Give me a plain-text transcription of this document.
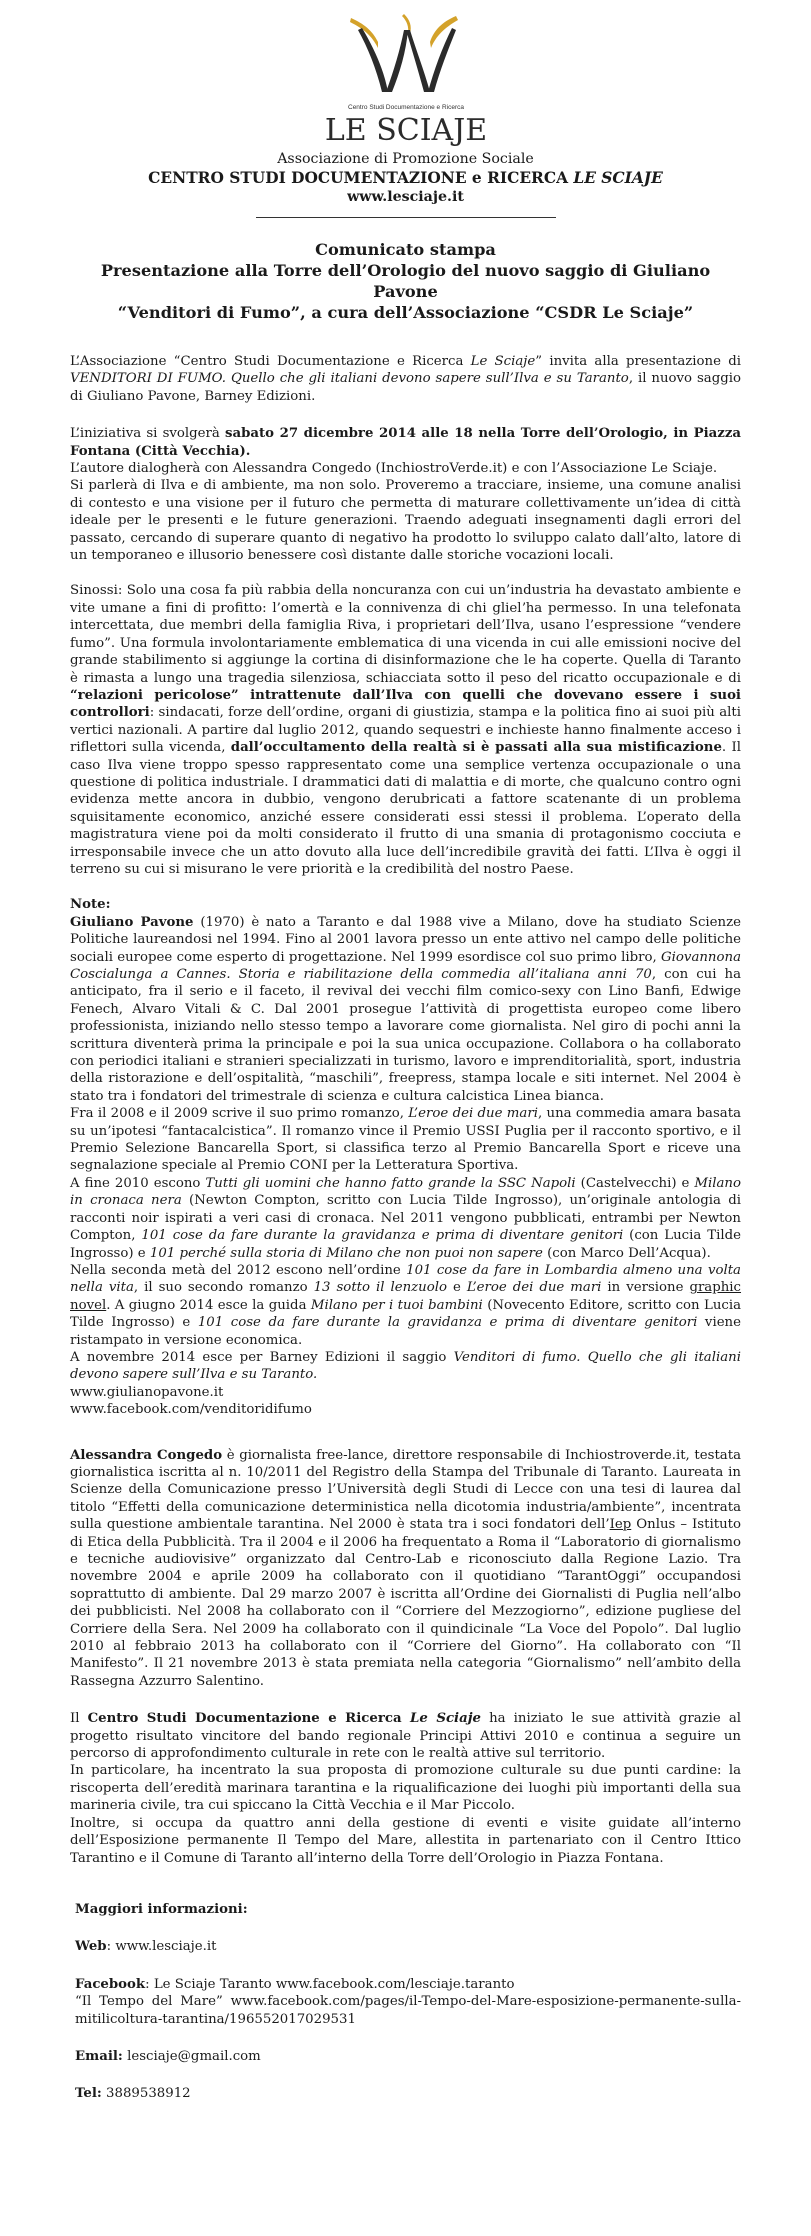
Centro Studi Documentazione e Ricerca
LE SCIAJE
Associazione di Promozione Sociale
CENTRO STUDI DOCUMENTAZIONE e RICERCA LE SCIAJE
www.lesciaje.it
Comunicato stampa
Presentazione alla Torre dell’Orologio del nuovo saggio di Giuliano Pavone
“Venditori di Fumo”, a cura dell’Associazione “CSDR Le Sciaje”

L’Associazione “Centro Studi Documentazione e Ricerca Le Sciaje” invita alla presentazione di VENDITORI DI FUMO. Quello che gli italiani devono sapere sull’Ilva e su Taranto, il nuovo saggio di Giuliano Pavone, Barney Edizioni.

L’iniziativa si svolgerà sabato 27 dicembre 2014 alle 18 nella Torre dell’Orologio, in Piazza Fontana (Città Vecchia).

L’autore dialogherà con Alessandra Congedo (InchiostroVerde.it) e con l’Associazione Le Sciaje.

Si parlerà di Ilva e di ambiente, ma non solo. Proveremo a tracciare, insieme, una comune analisi di contesto e una visione per il futuro che permetta di maturare collettivamente un’idea di città ideale per le presenti e le future generazioni. Traendo adeguati insegnamenti dagli errori del passato, cercando di superare quanto di negativo ha prodotto lo sviluppo calato dall’alto, latore di un temporaneo e illusorio benessere così distante dalle storiche vocazioni locali.

Sinossi: Solo una cosa fa più rabbia della noncuranza con cui un’industria ha devastato ambiente e vite umane a fini di profitto: l’omertà e la connivenza di chi glielʼha permesso. In una telefonata intercettata, due membri della famiglia Riva, i proprietari dell’Ilva, usano l’espressione “vendere fumo”. Una formula involontariamente emblematica di una vicenda in cui alle emissioni nocive del grande stabilimento si aggiunge la cortina di disinformazione che le ha coperte. Quella di Taranto è rimasta a lungo una tragedia silenziosa, schiacciata sotto il peso del ricatto occupazionale e di “relazioni pericolose” intrattenute dall’Ilva con quelli che dovevano essere i suoi controllori: sindacati, forze dell’ordine, organi di giustizia, stampa e la politica fino ai suoi più alti vertici nazionali. A partire dal luglio 2012, quando sequestri e inchieste hanno finalmente acceso i riflettori sulla vicenda, dall’occultamento della realtà si è passati alla sua mistificazione. Il caso Ilva viene troppo spesso rappresentato come una semplice vertenza occupazionale o una questione di politica industriale. I drammatici dati di malattia e di morte, che qualcuno contro ogni evidenza mette ancora in dubbio, vengono derubricati a fattore scatenante di un problema squisitamente economico, anziché essere considerati essi stessi il problema. L’operato della magistratura viene poi da molti considerato il frutto di una smania di protagonismo cocciuta e irresponsabile invece che un atto dovuto alla luce dell’incredibile gravità dei fatti. L’Ilva è oggi il terreno su cui si misurano le vere priorità e la credibilità del nostro Paese.

Note:

Giuliano Pavone (1970) è nato a Taranto e dal 1988 vive a Milano, dove ha studiato Scienze Politiche laureandosi nel 1994. Fino al 2001 lavora presso un ente attivo nel campo delle politiche sociali europee come esperto di progettazione. Nel 1999 esordisce col suo primo libro, Giovannona Coscialunga a Cannes. Storia e riabilitazione della commedia all’italiana anni 70, con cui ha anticipato, fra il serio e il faceto, il revival dei vecchi film comico-sexy con Lino Banfi, Edwige Fenech, Alvaro Vitali & C. Dal 2001 prosegue l’attività di progettista europeo come libero professionista, iniziando nello stesso tempo a lavorare come giornalista. Nel giro di pochi anni la scrittura diventerà prima la principale e poi la sua unica occupazione. Collabora o ha collaborato con periodici italiani e stranieri specializzati in turismo, lavoro e imprenditorialità, sport, industria della ristorazione e dell’ospitalità, “maschili”, freepress, stampa locale e siti internet. Nel 2004 è stato tra i fondatori del trimestrale di scienza e cultura calcistica Linea bianca.

Fra il 2008 e il 2009 scrive il suo primo romanzo, L’eroe dei due mari, una commedia amara basata su un’ipotesi “fantacalcistica”. Il romanzo vince il Premio USSI Puglia per il racconto sportivo, e il Premio Selezione Bancarella Sport, si classifica terzo al Premio Bancarella Sport e riceve una segnalazione speciale al Premio CONI per la Letteratura Sportiva.

A fine 2010 escono Tutti gli uomini che hanno fatto grande la SSC Napoli (Castelvecchi) e Milano in cronaca nera (Newton Compton, scritto con Lucia Tilde Ingrosso), un’originale antologia di racconti noir ispirati a veri casi di cronaca. Nel 2011 vengono pubblicati, entrambi per Newton Compton, 101 cose da fare durante la gravidanza e prima di diventare genitori (con Lucia Tilde Ingrosso) e 101 perché sulla storia di Milano che non puoi non sapere (con Marco Dell’Acqua).

Nella seconda metà del 2012 escono nell’ordine 101 cose da fare in Lombardia almeno una volta nella vita, il suo secondo romanzo 13 sotto il lenzuolo e L’eroe dei due mari in versione graphic novel. A giugno 2014 esce la guida Milano per i tuoi bambini (Novecento Editore, scritto con Lucia Tilde Ingrosso) e 101 cose da fare durante la gravidanza e prima di diventare genitori viene ristampato in versione economica.

A novembre 2014 esce per Barney Edizioni il saggio Venditori di fumo. Quello che gli italiani devono sapere sull’Ilva e su Taranto.

www.giulianopavone.it

www.facebook.com/venditoridifumo

Alessandra Congedo è giornalista free-lance, direttore responsabile di Inchiostroverde.it, testata giornalistica iscritta al n. 10/2011 del Registro della Stampa del Tribunale di Taranto. Laureata in Scienze della Comunicazione presso l’Università degli Studi di Lecce con una tesi di laurea dal titolo “Effetti della comunicazione deterministica nella dicotomia industria/ambiente”, incentrata sulla questione ambientale tarantina. Nel 2000 è stata tra i soci fondatori dell’Iep Onlus – Istituto di Etica della Pubblicità. Tra il 2004 e il 2006 ha frequentato a Roma il “Laboratorio di giornalismo e tecniche audiovisive” organizzato dal Centro-Lab e riconosciuto dalla Regione Lazio. Tra novembre 2004 e aprile 2009 ha collaborato con il quotidiano “TarantOggi” occupandosi soprattutto di ambiente. Dal 29 marzo 2007 è iscritta all’Ordine dei Giornalisti di Puglia nell’albo dei pubblicisti. Nel 2008 ha collaborato con il “Corriere del Mezzogiorno”, edizione pugliese del Corriere della Sera. Nel 2009 ha collaborato con il quindicinale “La Voce del Popolo”. Dal luglio 2010 al febbraio 2013 ha collaborato con il “Corriere del Giorno”. Ha collaborato con “Il Manifesto”. Il 21 novembre 2013 è stata premiata nella categoria “Giornalismo” nell’ambito della Rassegna Azzurro Salentino.

Il Centro Studi Documentazione e Ricerca Le Sciaje ha iniziato le sue attività grazie al progetto risultato vincitore del bando regionale Principi Attivi 2010 e continua a seguire un percorso di approfondimento culturale in rete con le realtà attive sul territorio.

In particolare, ha incentrato la sua proposta di promozione culturale su due punti cardine: la riscoperta dell’eredità marinara tarantina e la riqualificazione dei luoghi più importanti della sua marineria civile, tra cui spiccano la Città Vecchia e il Mar Piccolo.

Inoltre, si occupa da quattro anni della gestione di eventi e visite guidate all’interno dell’Esposizione permanente Il Tempo del Mare, allestita in partenariato con il Centro Ittico Tarantino e il Comune di Taranto all’interno della Torre dell’Orologio in Piazza Fontana.

Maggiori informazioni:
Web: www.lesciaje.it
Facebook: Le Sciaje Taranto www.facebook.com/lesciaje.taranto
“Il Tempo del Mare” www.facebook.com/pages/il-Tempo-del-Mare-esposizione-permanente-sulla-mitilicoltura-tarantina/196552017029531
Email: lesciaje@gmail.com
Tel: 3889538912
